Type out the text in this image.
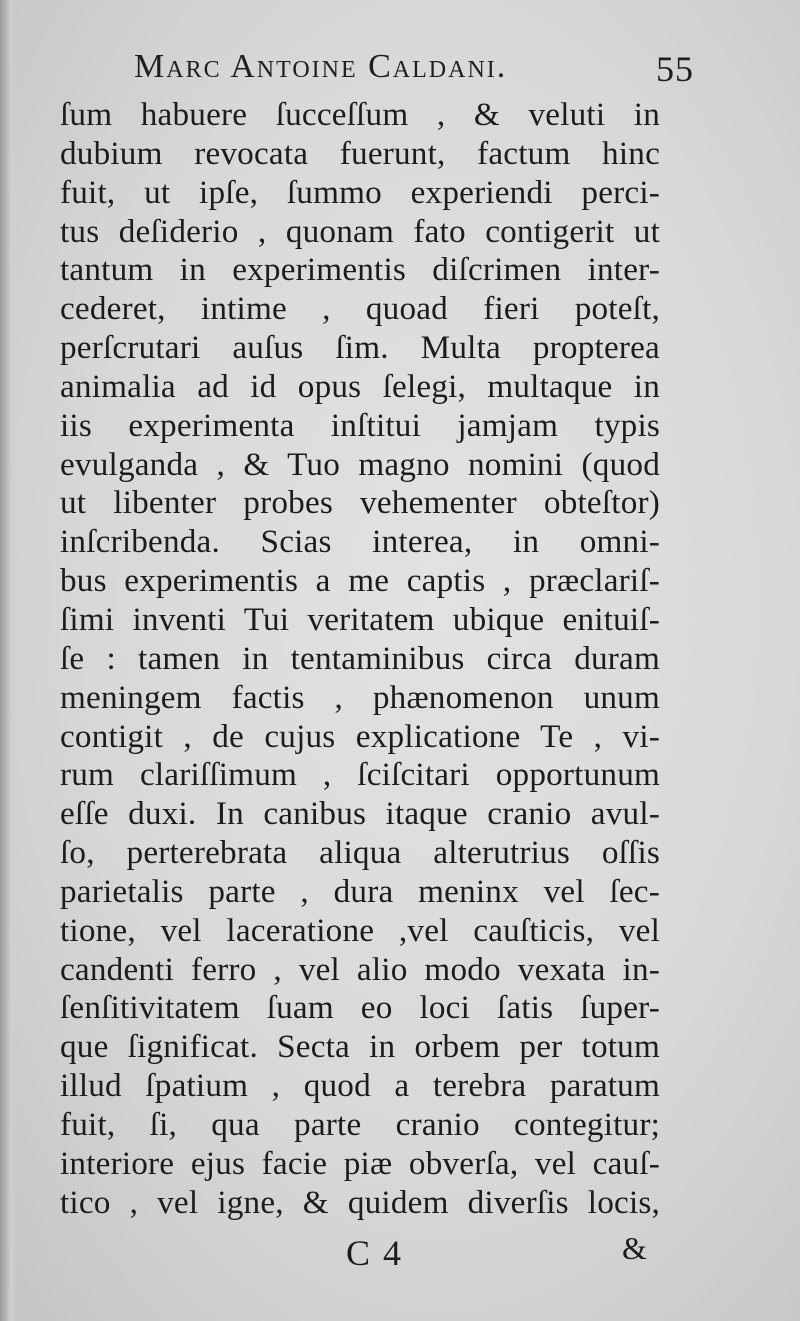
Marc Antoine Caldani.	55
ſum habuere ſucceſſum , & veluti in
dubium revocata fuerunt, factum hinc
fuit, ut ipſe, ſummo experiendi perci-
tus deſiderio , quonam fato contigerit ut
tantum in experimentis diſcrimen inter-
cederet, intime , quoad fieri poteſt,
perſcrutari auſus ſim. Multa propterea
animalia ad id opus ſelegi, multaque in
iis experimenta inſtitui jamjam typis
evulganda , & Tuo magno nomini (quod
ut libenter probes vehementer obteſtor)
inſcribenda. Scias interea, in omni-
bus experimentis a me captis , præclariſ-
ſimi inventi Tui veritatem ubique enituiſ-
ſe : tamen in tentaminibus circa duram
meningem factis , phænomenon unum
contigit , de cujus explicatione Te , vi-
rum clariſſimum , ſciſcitari opportunum
eſſe duxi. In canibus itaque cranio avul-
ſo, perterebrata aliqua alterutrius oſſis
parietalis parte , dura meninx vel ſec-
tione, vel laceratione ,vel cauſticis, vel
candenti ferro , vel alio modo vexata in-
ſenſitivitatem ſuam eo loci ſatis ſuper-
que ſignificat. Secta in orbem per totum
illud ſpatium , quod a terebra paratum
fuit, ſi, qua parte cranio contegitur;
interiore ejus facie piæ obverſa, vel cauſ-
tico , vel igne, & quidem diverſis locis,
C 4	&
